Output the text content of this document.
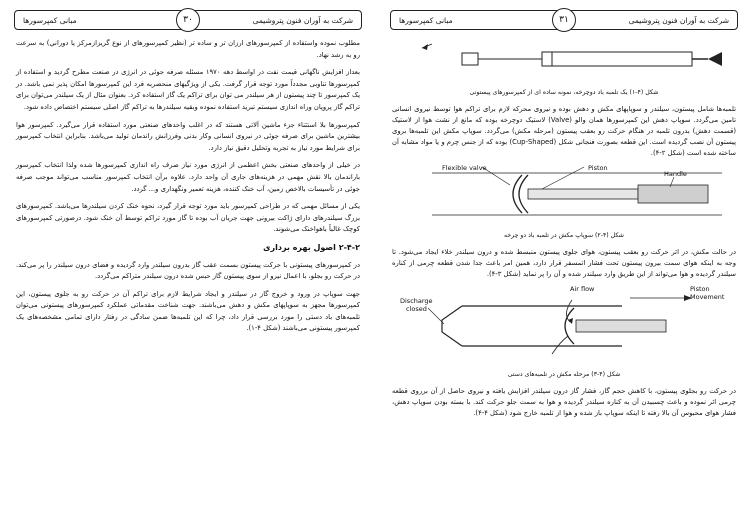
مبانی کمپرسورها	شرکت به آوران فنون پتروشیمی
۳۰

مطلوب نموده واستفاده از کمپرسورهای ارزان تر و ساده تر (نظیر کمپرسورهای از نوع گریزازمرکز یا دوراني) به سرعت رو به رشد نهاد.

بعداز افزایش ناگهانی قیمت نفت در اواسط دهه ۱۹۷۰ مسئله صرفه جوئی در انرژی در صنعت مطرح گردید و استفاده از کمپرسورها تناوبی مجدداً مورد توجه قرار گرفت. یکی از ویژگیهای منحصربه فرد این کمپرسورها امکان پذیر نمی باشد. در یک کمپرسور تا چند پیستون از هر سیلندر می توان برای تراکم یک گاز استفاده کرد. بعنوان مثال از یک سیلندر می‌توان برای تراکم گاز پروپان وراه اندازی سیستم تبرید استفاده نموده وبقیه سیلندرها به تراکم گاز اصلی سیستم اختصاص داده شود.

کمپرسورها بلا استثناء جزء ماشین آلاتی هستند که در اغلب واحدهای صنعتی مورد استفاده قرار می‌گیرد. کمپرسور هوا بیشترین ماشین برای صرفه جوئی در نیروی انسانی وکار بدنی وفرزانش راندمان تولید می‌باشد. بنابراین انتخاب کمپرسور برای شرایط مورد نیاز به تجربه وتحلیل دقیق نیاز دارد.

در خیلی از واحدهای صنعتی بخش اعظمی از انرژی مورد نیاز صرف راه اندازی کمپرسورها شده ولذا انتخاب کمپرسور باراندمان بالا نقش مهمی در هزینه‌های جاری آن واحد دارد. علاوه برآن انتخاب کمپرسور مناسب می‌تواند موجب صرفه جوئی در تأسیسات بالاخص زمین، آب خنک کننده، هزینه تعمیر ونگهداری و... گردد.

یکی از مسائل مهمی که در طراحی کمپرسور باید مورد توجه قرار گیرد، نحوه خنک کردن سیلندرها می‌باشد. کمپرسورهای بزرگ سیلندرهای دارای ژاکت بیرونی جهت جریان آب بوده تا گاز مورد تراکم توسط آن خنک شود. درصورتی کمپرسورهای کوچک غالباً باهواخنک می‌شوند.

۲-۴-۲ اصول بهره برداری

در کمپرسورهای پیستونی با حرکت پیستون بسمت عقب گاز بدرون سیلندر وارد گردیده و فضای درون سیلندر را پر می‌کند. در حرکت رو بجلو، با اعمال نیرو از سوی پیستون گاز حبس شده درون سیلندر متراکم می‌گردد.

جهت سوپاپ در ورود و خروج گاز در سیلندر و ایجاد شرایط لازم برای تراکم آن در حرکت رو به جلوی پیستون، این کمپرسورها مجهز به سوپاپهای مکش و دهش می‌باشند. جهت شناخت مقدماتی عملکرد کمپرسورهای پیستونی می‌توان تلمبه‌های باد دستی را مورد بررسی قرار داد، چرا که این تلمبه‌ها ضمن سادگی در رفتار دارای تمامی مشخصه‌های یک کمپرسور پیستونی می‌باشند (شکل ۴-۱).

مبانی کمپرسورها	شرکت به آوران فنون پتروشیمی
۳۱
شکل (۴-۱) یک تلمبه باد دوچرخه، نمونه ساده ای از کمپرسورهای پیستونی

تلمبه‌ها شامل پیستون، سیلندر و سوپاپهای مکش و دهش بوده و نیروی محرکه لازم برای تراکم هوا توسط نیروی انسانی تامین می‌گردد. سوپاپ دهش این کمپرسورها همان والو (Valve) لاستیک دوچرخه بوده که مانع از نشت هوا از لاستیک (قسمت دهش) بدرون تلمبه در هنگام حرکت رو بعقب پیستون (مرحله مکش) می‌گردد. سوپاپ مکش این تلمبه‌ها بروی پیستون آن نصب گردیده است. این قطعه بصورت فنجانی شکل (Cup-Shaped) بوده که از جنس چرم و یا مواد مشابه آن ساخته شده است (شکل ۲-۴).

Flexible valve	Piston
Handle
شکل (۴-۲) سوپاپ مکش در تلمبه باد دو چرخه

در حالت مکش، در اثر حرکت رو بعقب پیستون، هوای جلوی پیستون منبسط شده و درون سیلندر خلاء ایجاد می‌شود. تا وجه به اینکه هوای سمت بیرون پیستون تحت فشار اتمسفر قرار دارد، همین امر باعث جدا شدن قطعه چرمی از کناره سیلندر گردیده و هوا می‌تواند از این طریق وارد سیلندر شده و آن را پر نماید (شکل ۳-۴).

Discharge
closed
Air flow	Piston
Movement
شکل (۴-۳) مرحله مکش در تلمبه‌های دستی

در حرکت رو بجلوی پیستون، با کاهش حجم گاز، فشار گاز درون سیلندر افزایش یافته و نیروی حاصل از آن برروی قطعه چرمی اثر نموده و باعث چسبیدن آن به کناره سیلندر گردیده و هوا به سمت جلو حرکت کند. با بسته بودن سوپاپ دهش، فشار هوای محبوس آن بالا رفته تا اینکه سوپاپ باز شده و هوا از تلمبه خارج شود (شکل ۴-۴).
